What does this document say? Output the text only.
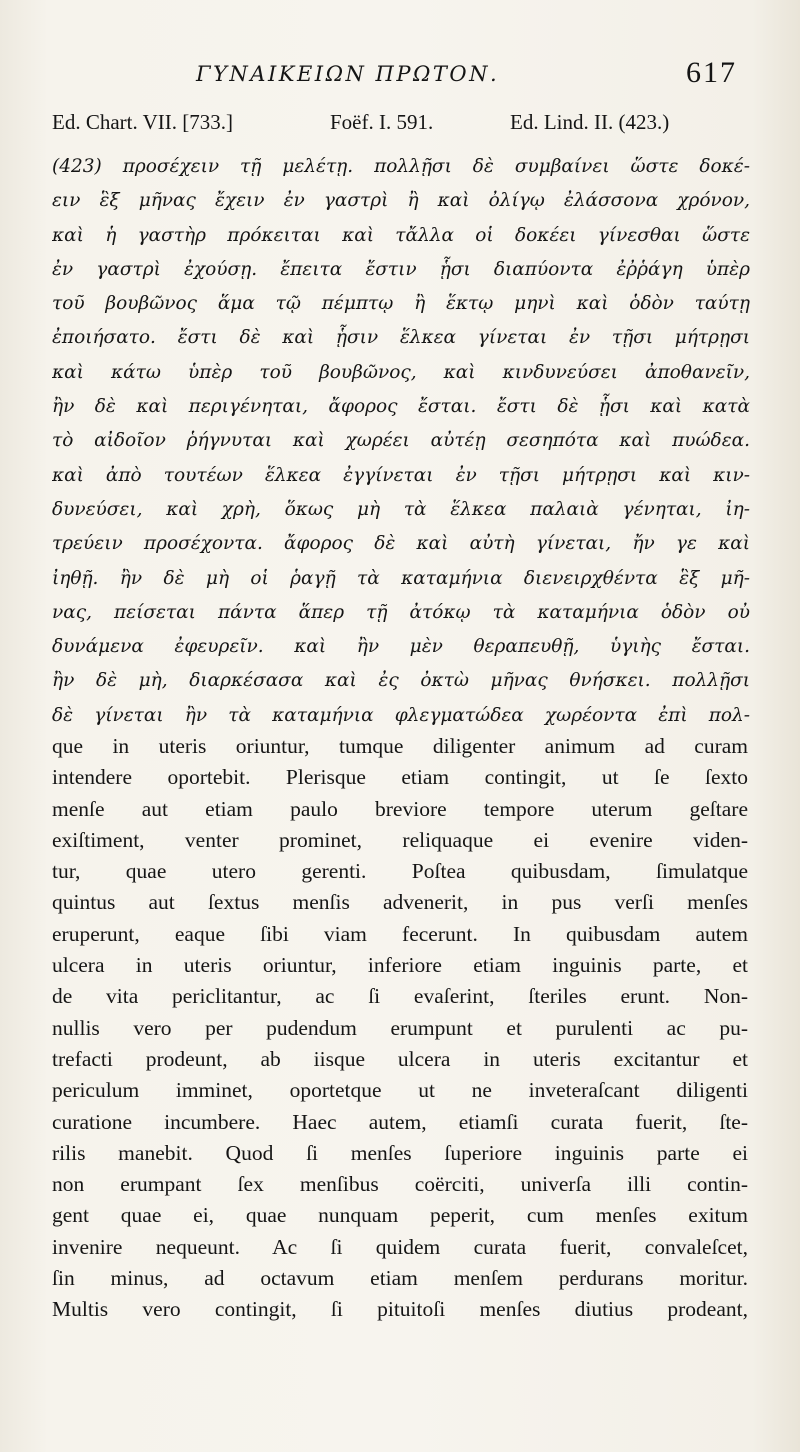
ΓΥΝΑΙΚΕΙΩΝ ΠΡΩΤΟΝ.	617
Ed. Chart. VII. [733.]	Foëf. I. 591.	Ed. Lind. II. (423.)
(423) προσέχειν τῇ μελέτῃ. πολλῇσι δὲ συμβαίνει ὥστε δοκέ-
ειν ἓξ μῆνας ἔχειν ἐν γαστρὶ ἢ καὶ ὀλίγῳ ἐλάσσονα χρόνον,
καὶ ἡ γαστὴρ πρόκειται καὶ τἄλλα οἱ δοκέει γίνεσθαι ὥστε
ἐν γαστρὶ ἐχούσῃ. ἔπειτα ἔστιν ᾗσι διαπύοντα ἐῤῥάγη ὑπὲρ
τοῦ βουβῶνος ἅμα τῷ πέμπτῳ ἢ ἕκτῳ μηνὶ καὶ ὁδὸν ταύτῃ
ἐποιήσατο. ἔστι δὲ καὶ ᾗσιν ἕλκεα γίνεται ἐν τῇσι μήτρῃσι
καὶ κάτω ὑπὲρ τοῦ βουβῶνος, καὶ κινδυνεύσει ἀποθανεῖν,
ἢν δὲ καὶ περιγένηται, ἄφορος ἔσται. ἔστι δὲ ᾗσι καὶ κατὰ
τὸ αἰδοῖον ῥήγνυται καὶ χωρέει αὐτέῃ σεσηπότα καὶ πυώδεα.
καὶ ἀπὸ τουτέων ἕλκεα ἐγγίνεται ἐν τῇσι μήτρῃσι καὶ κιν-
δυνεύσει, καὶ χρὴ, ὅκως μὴ τὰ ἕλκεα παλαιὰ γένηται, ἰη-
τρεύειν προσέχοντα. ἄφορος δὲ καὶ αὐτὴ γίνεται, ἤν γε καὶ
ἰηθῇ. ἢν δὲ μὴ οἱ ῥαγῇ τὰ καταμήνια διενειρχθέντα ἓξ μῆ-
νας, πείσεται πάντα ἅπερ τῇ ἀτόκῳ τὰ καταμήνια ὁδὸν οὐ
δυνάμενα ἐφευρεῖν. καὶ ἢν μὲν θεραπευθῇ, ὑγιὴς ἔσται.
ἢν δὲ μὴ, διαρκέσασα καὶ ἐς ὀκτὼ μῆνας θνήσκει. πολλῇσι
δὲ γίνεται ἢν τὰ καταμήνια φλεγματώδεα χωρέοντα ἐπὶ πολ-
que in uteris oriuntur, tumque diligenter animum ad curam
intendere oportebit. Plerisque etiam contingit, ut ſe ſexto
menſe aut etiam paulo breviore tempore uterum geſtare
exiſtiment, venter prominet, reliquaque ei evenire viden-
tur, quae utero gerenti. Poſtea quibusdam, ſimulatque
quintus aut ſextus menſis advenerit, in pus verſi menſes
eruperunt, eaque ſibi viam fecerunt. In quibusdam autem
ulcera in uteris oriuntur, inferiore etiam inguinis parte, et
de vita periclitantur, ac ſi evaſerint, ſteriles erunt. Non-
nullis vero per pudendum erumpunt et purulenti ac pu-
trefacti prodeunt, ab iisque ulcera in uteris excitantur et
periculum imminet, oportetque ut ne inveteraſcant diligenti
curatione incumbere. Haec autem, etiamſi curata fuerit, ſte-
rilis manebit. Quod ſi menſes ſuperiore inguinis parte ei
non erumpant ſex menſibus coërciti, univerſa illi contin-
gent quae ei, quae nunquam peperit, cum menſes exitum
invenire nequeunt. Ac ſi quidem curata fuerit, convaleſcet,
ſin minus, ad octavum etiam menſem perdurans moritur.
Multis vero contingit, ſi pituitoſi menſes diutius prodeant,
